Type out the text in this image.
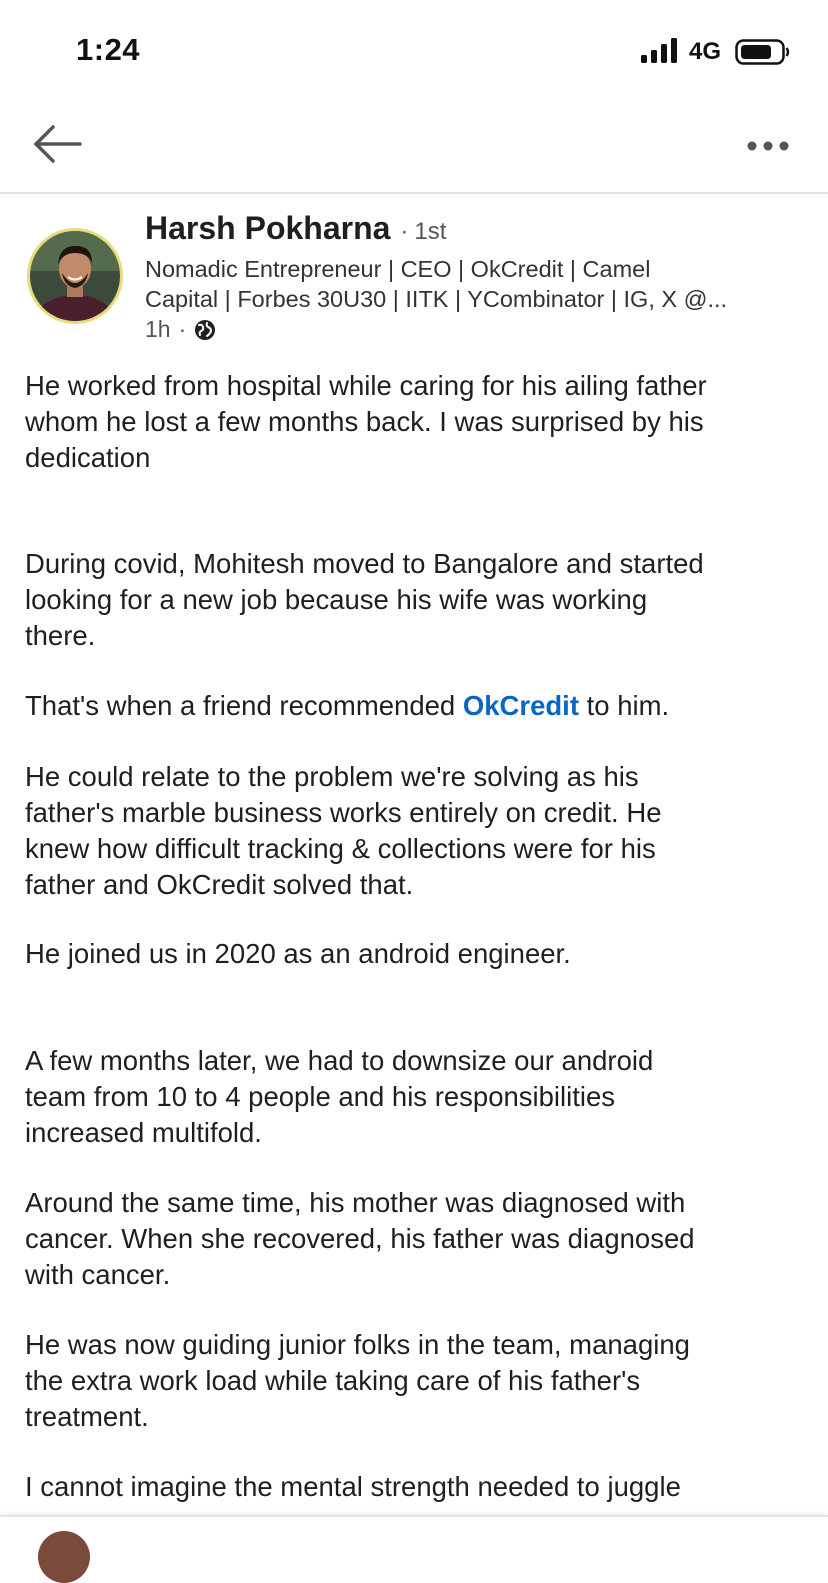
1:24	4G
Harsh Pokharna · 1st
Nomadic Entrepreneur | CEO | OkCredit | Camel
Capital | Forbes 30U30 | IITK | YCombinator | IG, X @...
1h ·
He worked from hospital while caring for his ailing father
whom he lost a few months back. I was surprised by his
dedication
During covid, Mohitesh moved to Bangalore and started
looking for a new job because his wife was working
there.
That's when a friend recommended OkCredit to him.
He could relate to the problem we're solving as his
father's marble business works entirely on credit. He
knew how difficult tracking & collections were for his
father and OkCredit solved that.
He joined us in 2020 as an android engineer.
A few months later, we had to downsize our android
team from 10 to 4 people and his responsibilities
increased multifold.
Around the same time, his mother was diagnosed with
cancer. When she recovered, his father was diagnosed
with cancer.
He was now guiding junior folks in the team, managing
the extra work load while taking care of his father's
treatment.
I cannot imagine the mental strength needed to juggle
